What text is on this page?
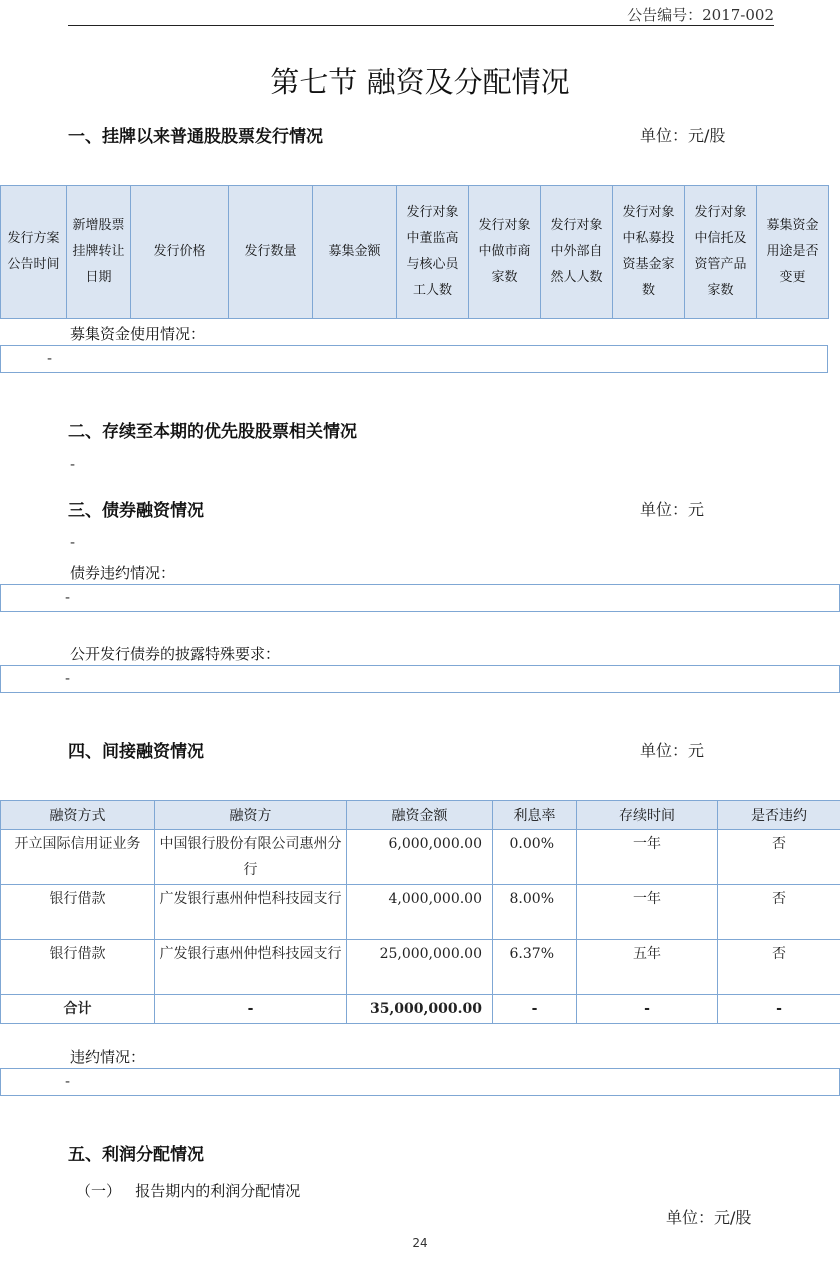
公告编号：2017-002
第七节 融资及分配情况
一、挂牌以来普通股股票发行情况	单位：元/股
发行方案公告时间	新增股票挂牌转让日期	发行价格	发行数量	募集金额	发行对象中董监高与核心员工人数	发行对象中做市商家数	发行对象中外部自然人人数	发行对象中私募投资基金家数	发行对象中信托及资管产品家数	募集资金用途是否变更
募集资金使用情况：
-
二、存续至本期的优先股股票相关情况
-
三、债券融资情况	单位：元
-
债券违约情况：
-
公开发行债券的披露特殊要求：
-
四、间接融资情况	单位：元
融资方式	融资方	融资金额	利息率	存续时间	是否违约
开立国际信用证业务	中国银行股份有限公司惠州分行	6,000,000.00	0.00%	一年	否
银行借款	广发银行惠州仲恺科技园支行	4,000,000.00	8.00%	一年	否
银行借款	广发银行惠州仲恺科技园支行	25,000,000.00	6.37%	五年	否
合计	-	35,000,000.00	-	-	-
违约情况：
-
五、利润分配情况
（一）   报告期内的利润分配情况
单位：元/股
24
